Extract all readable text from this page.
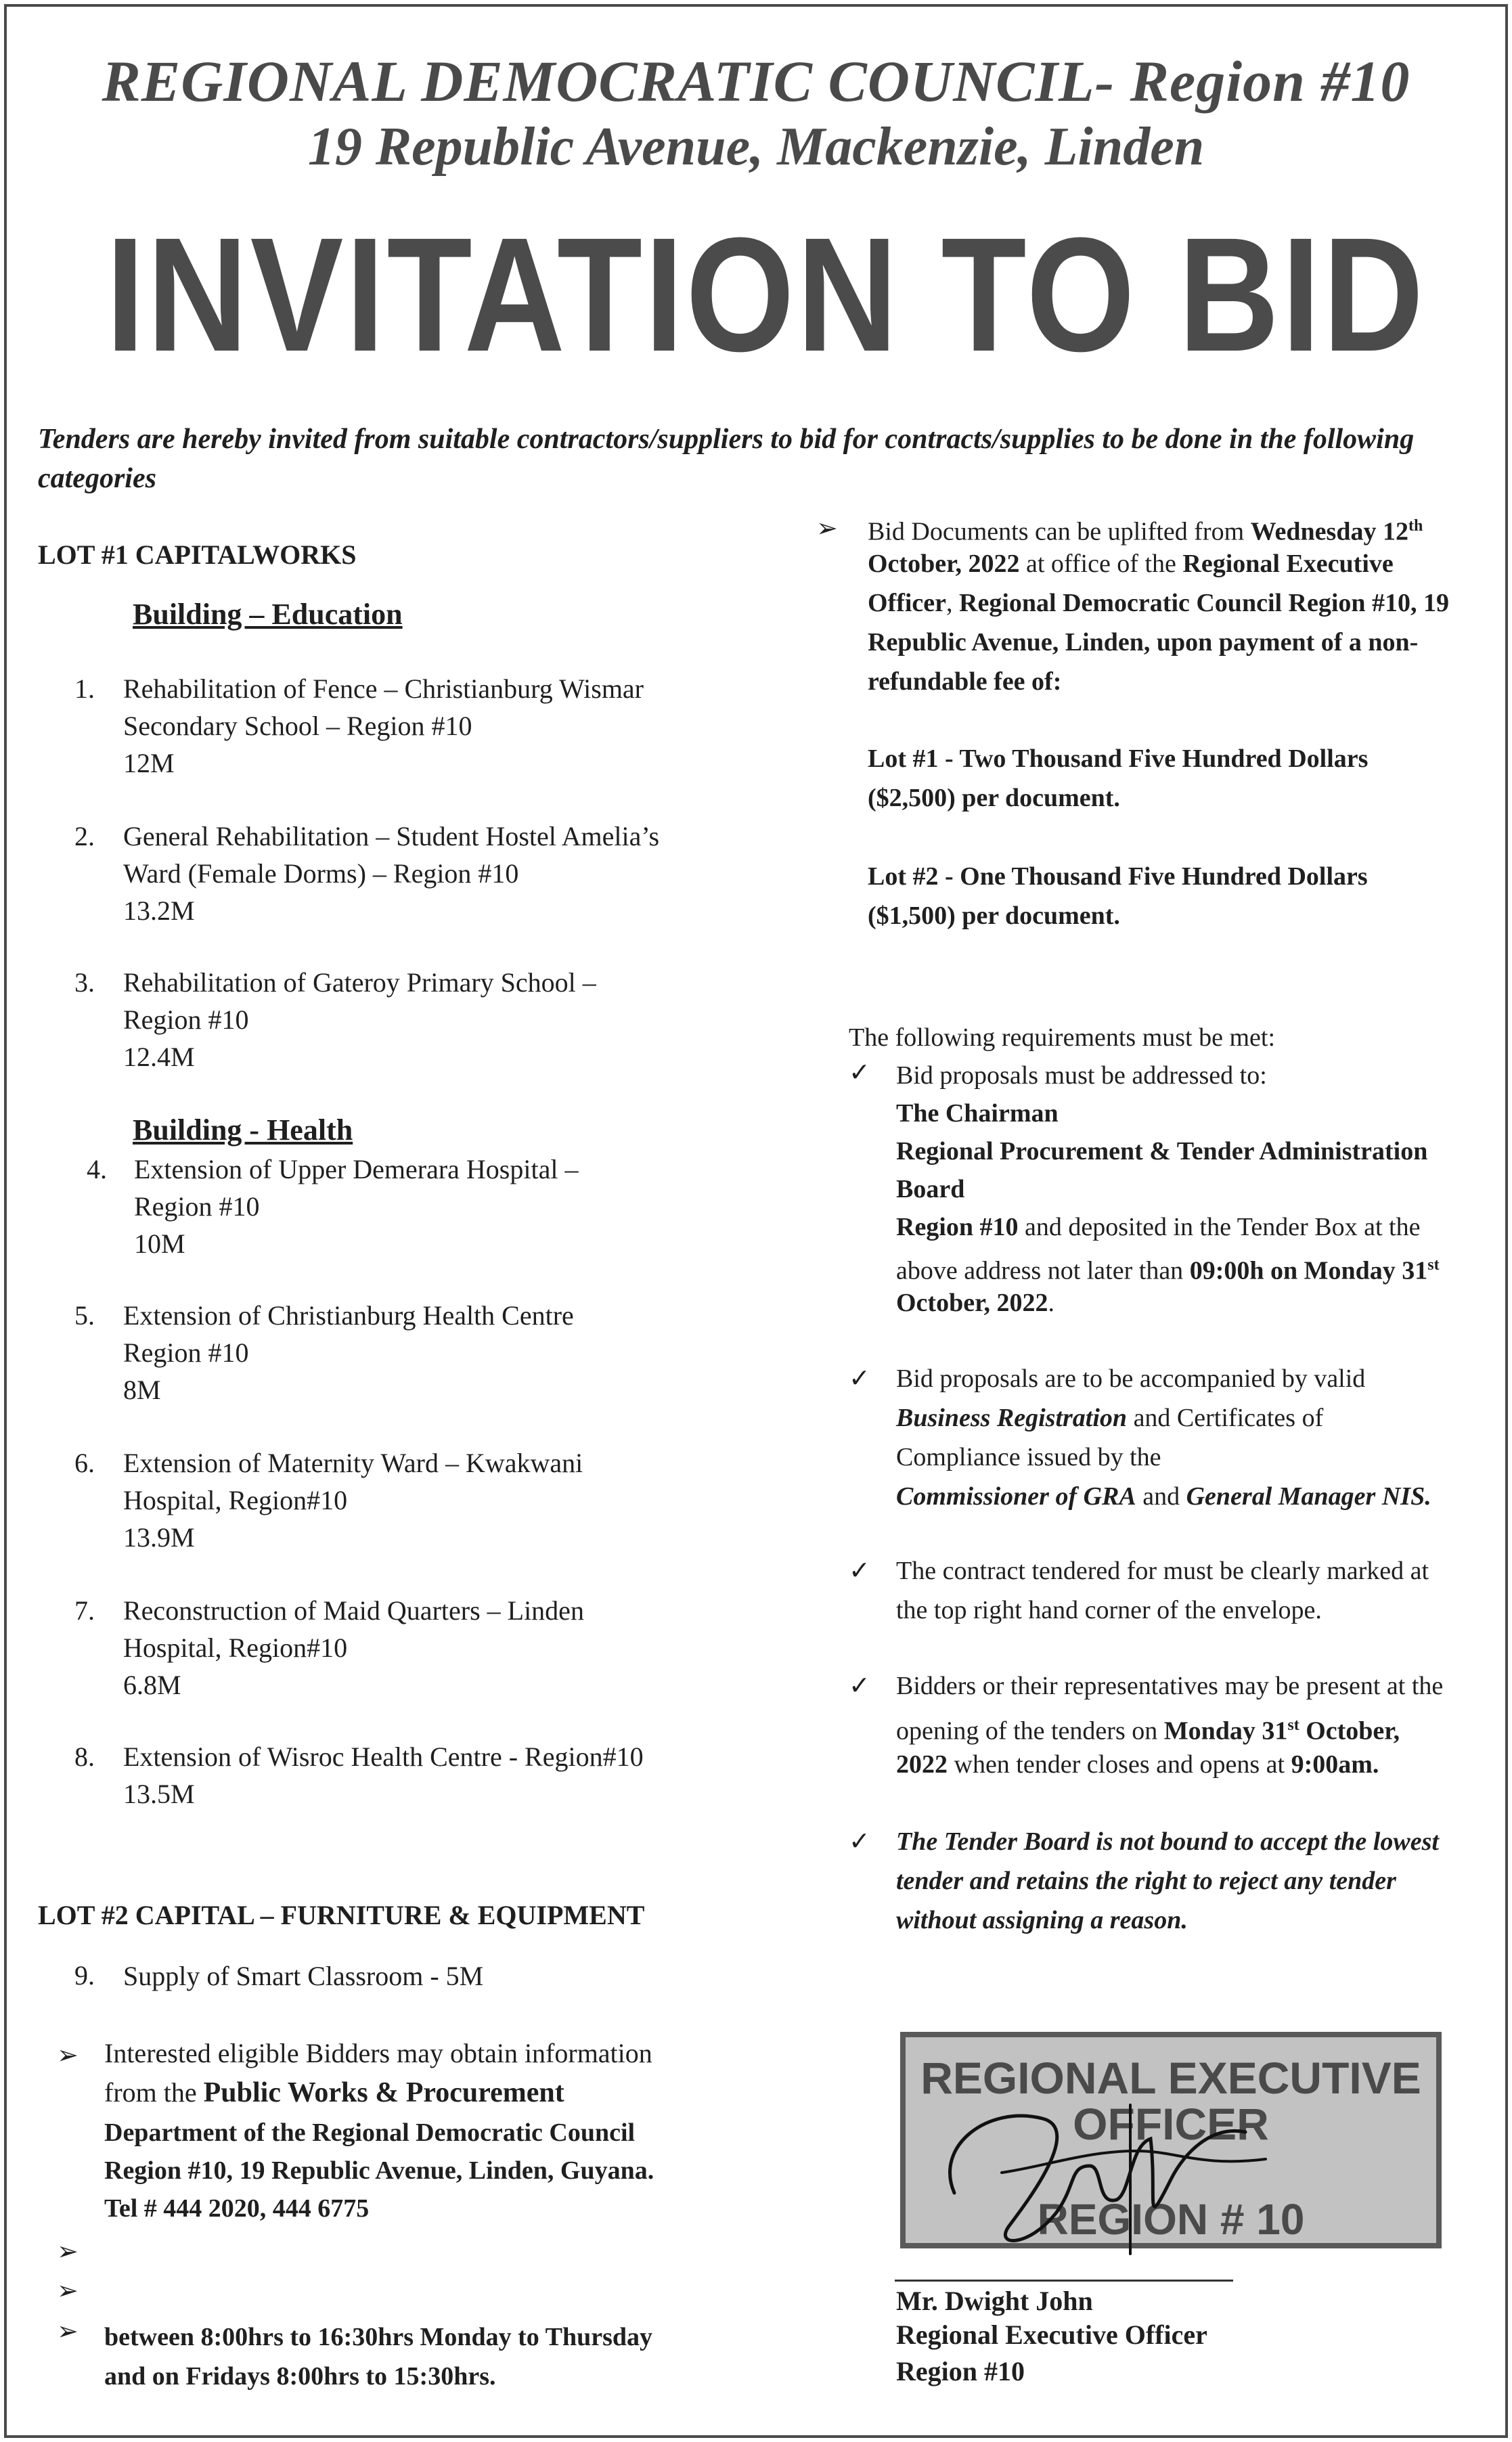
REGIONAL DEMOCRATIC COUNCIL- Region #10
19 Republic Avenue, Mackenzie, Linden
INVITATION TO BID
Tenders are hereby invited from suitable contractors/suppliers to bid for contracts/supplies to be done in the following categories
LOT #1 CAPITALWORKS
Building – Education
1. Rehabilitation of Fence – Christianburg Wismar
Secondary School – Region #10
12M
2. General Rehabilitation – Student Hostel Amelia’s
Ward (Female Dorms) – Region #10
13.2M
3. Rehabilitation of Gateroy Primary School –
Region #10
12.4M
4. Extension of Upper Demerara Hospital –
Region #10
10M
5. Extension of Christianburg Health Centre
Region #10
8M
6. Extension of Maternity Ward – Kwakwani
Hospital, Region#10
13.9M
7. Reconstruction of Maid Quarters – Linden
Hospital, Region#10
6.8M
8. Extension of Wisroc Health Centre - Region#10
13.5M
Building - Health
LOT #2 CAPITAL – FURNITURE & EQUIPMENT
9. Supply of Smart Classroom - 5M
➢ Interested eligible Bidders may obtain information
from the Public Works & Procurement
Department of the Regional Democratic Council
Region #10, 19 Republic Avenue, Linden, Guyana.
Tel # 444 2020, 444 6775
➢
➢
➢ between 8:00hrs to 16:30hrs Monday to Thursday
and on Fridays 8:00hrs to 15:30hrs.
➢ Bid Documents can be uplifted from Wednesday 12th
October, 2022 at office of the Regional Executive
Officer, Regional Democratic Council Region #10, 19
Republic Avenue, Linden, upon payment of a non-
refundable fee of:
Lot #1 - Two Thousand Five Hundred Dollars
($2,500) per document.
Lot #2 - One Thousand Five Hundred Dollars
($1,500) per document.
The following requirements must be met:
✓ Bid proposals must be addressed to:
The Chairman
Regional Procurement & Tender Administration
Board
Region #10 and deposited in the Tender Box at the
above address not later than 09:00h on Monday 31st
October, 2022.
✓ Bid proposals are to be accompanied by valid
Business Registration and Certificates of
Compliance issued by the
Commissioner of GRA and General Manager NIS.
✓ The contract tendered for must be clearly marked at
the top right hand corner of the envelope.
✓ Bidders or their representatives may be present at the
opening of the tenders on Monday 31st October,
2022 when tender closes and opens at 9:00am.
✓ The Tender Board is not bound to accept the lowest
tender and retains the right to reject any tender
without assigning a reason.
REGIONAL EXECUTIVE
OFFICER
REGION # 10
Mr. Dwight John
Regional Executive Officer
Region #10
